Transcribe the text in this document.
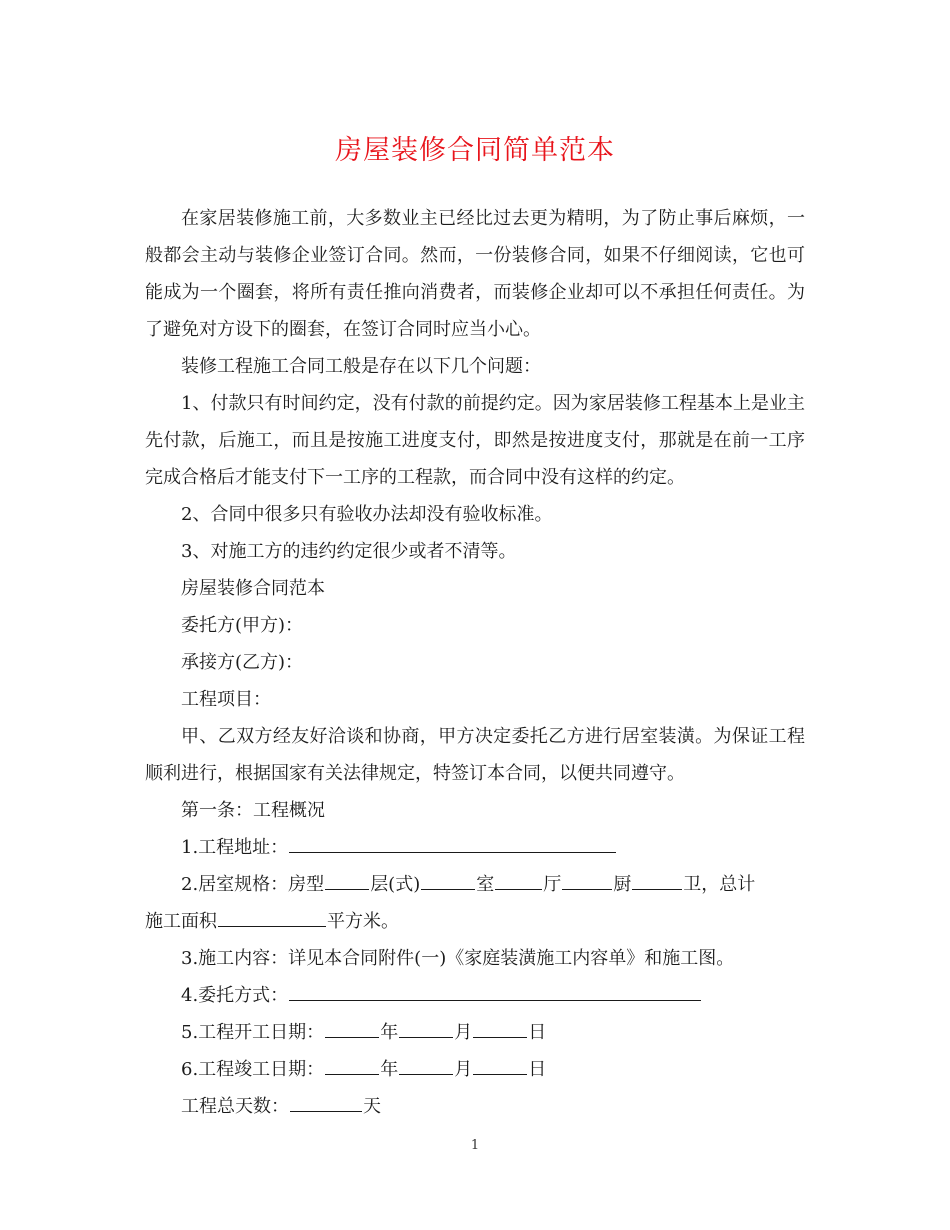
房屋装修合同简单范本

在家居装修施工前，大多数业主已经比过去更为精明，为了防止事后麻烦，一般都会主动与装修企业签订合同。然而，一份装修合同，如果不仔细阅读，它也可能成为一个圈套，将所有责任推向消费者，而装修企业却可以不承担任何责任。为了避免对方设下的圈套，在签订合同时应当小心。

装修工程施工合同工般是存在以下几个问题：

1、付款只有时间约定，没有付款的前提约定。因为家居装修工程基本上是业主先付款，后施工，而且是按施工进度支付，即然是按进度支付，那就是在前一工序完成合格后才能支付下一工序的工程款，而合同中没有这样的约定。

2、合同中很多只有验收办法却没有验收标准。

3、对施工方的违约约定很少或者不清等。

房屋装修合同范本

委托方(甲方)：

承接方(乙方)：

工程项目：

甲、乙双方经友好洽谈和协商，甲方决定委托乙方进行居室装潢。为保证工程顺利进行，根据国家有关法律规定，特签订本合同，以便共同遵守。

第一条：工程概况

1.工程地址：

2.居室规格：房型	层(式)	室	厅	厨	卫，总计

施工面积	平方米。

3.施工内容：详见本合同附件(一)《家庭装潢施工内容单》和施工图。

4.委托方式：

5.工程开工日期：	年	月	日

6.工程竣工日期：	年	月	日

工程总天数：	天

1
